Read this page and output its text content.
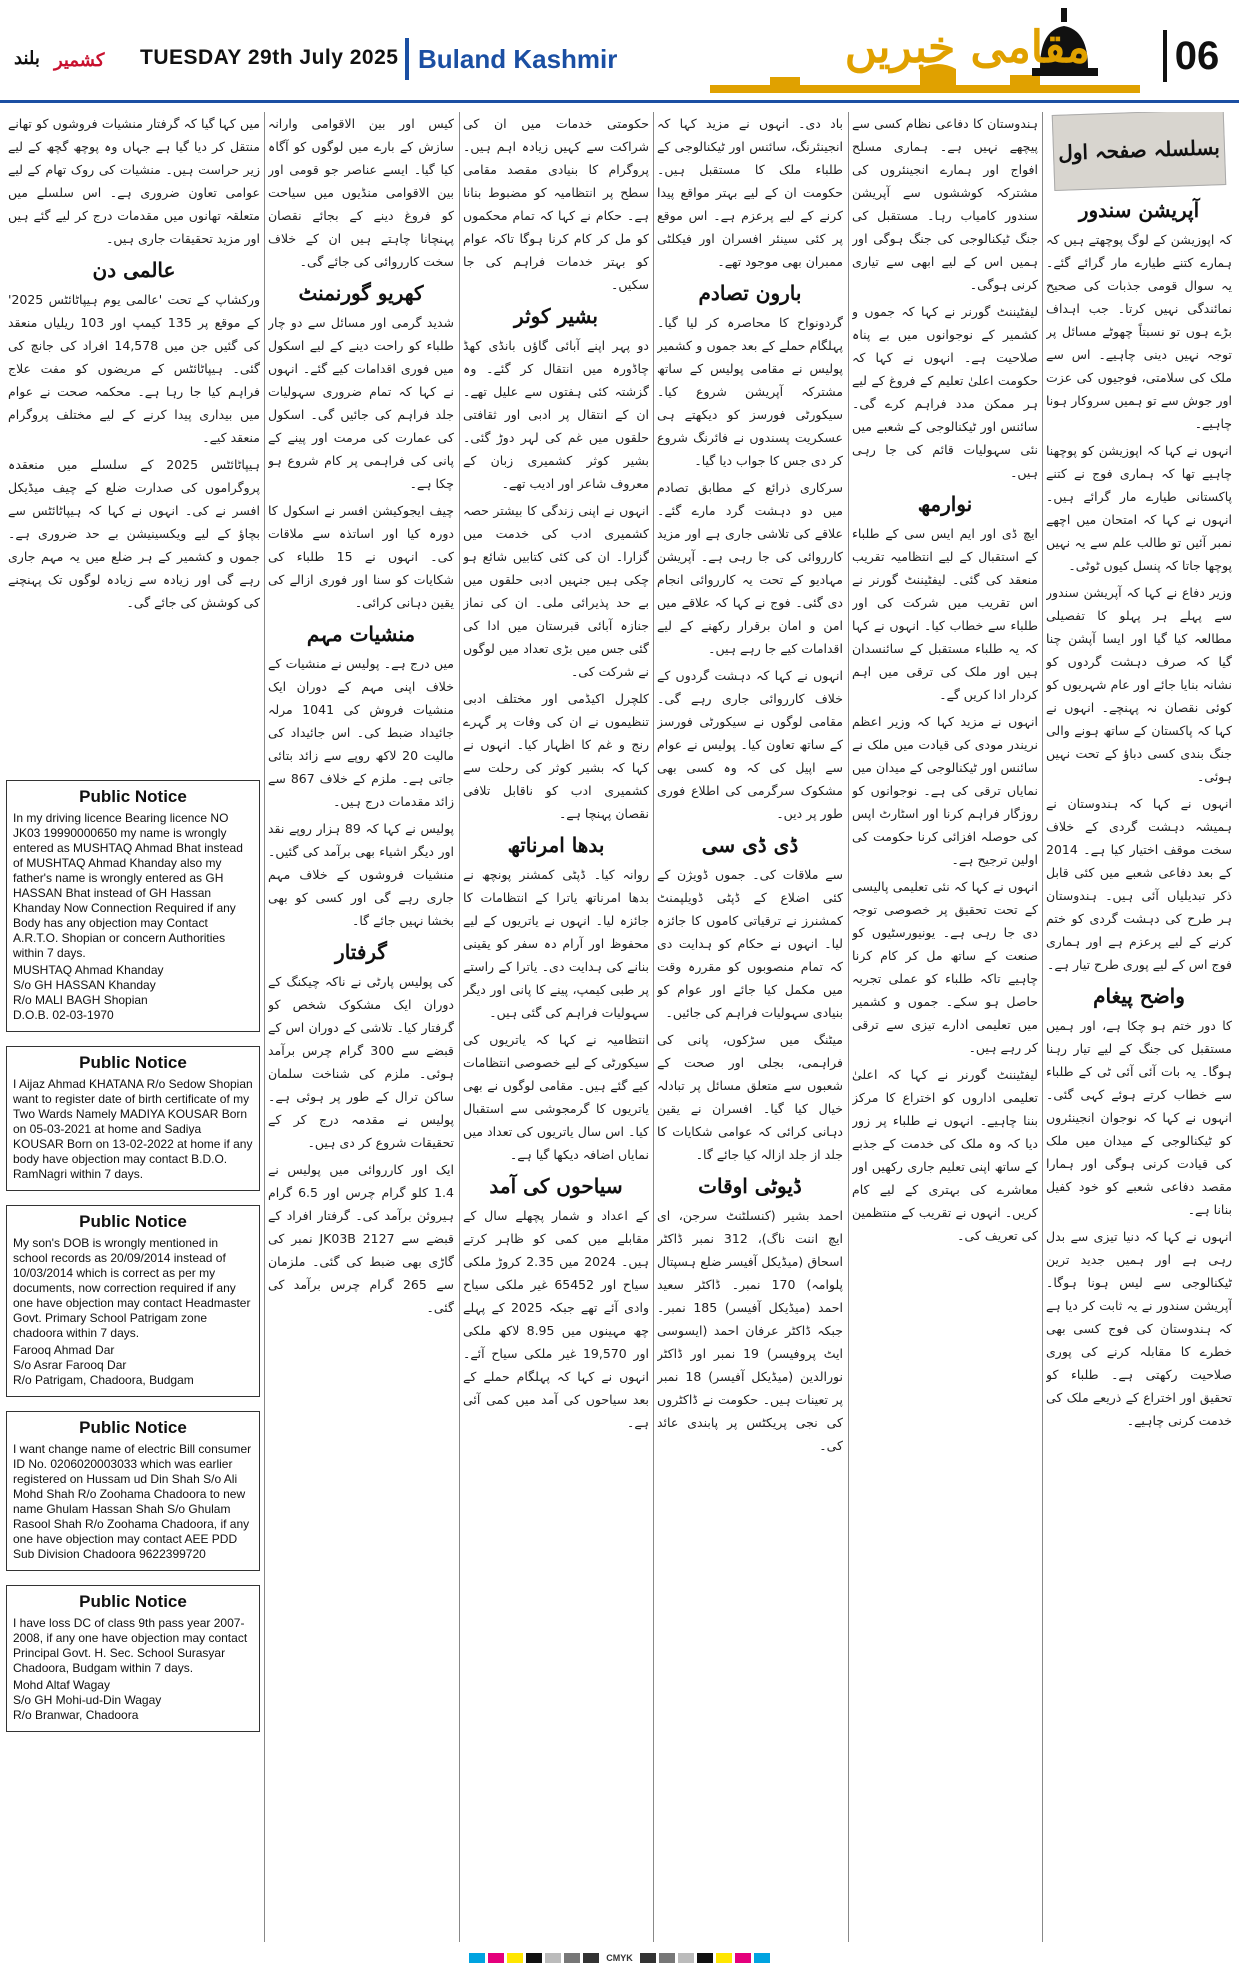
بلند کشمیر TUESDAY 29th July 2025 Buland Kashmir	مقامی خبریں 06
بسلسلہ صفحہ اول
آپریشن سندور

کہ اپوزیشن کے لوگ پوچھتے ہیں کہ ہمارے کتنے طیارے مار گرائے گئے۔ یہ سوال قومی جذبات کی صحیح نمائندگی نہیں کرتا۔ جب اہداف بڑے ہوں تو نسبتاً چھوٹے مسائل پر توجہ نہیں دینی چاہیے۔ اس سے ملک کی سلامتی، فوجیوں کی عزت اور جوش سے تو ہمیں سروکار ہونا چاہیے۔

انہوں نے کہا کہ اپوزیشن کو پوچھنا چاہیے تھا کہ ہماری فوج نے کتنے پاکستانی طیارے مار گرائے ہیں۔ انہوں نے کہا کہ امتحان میں اچھے نمبر آئیں تو طالب علم سے یہ نہیں پوچھا جاتا کہ پنسل کیوں ٹوٹی۔

وزیر دفاع نے کہا کہ آپریشن سندور سے پہلے ہر پہلو کا تفصیلی مطالعہ کیا گیا اور ایسا آپشن چنا گیا کہ صرف دہشت گردوں کو نشانہ بنایا جائے اور عام شہریوں کو کوئی نقصان نہ پہنچے۔ انہوں نے کہا کہ پاکستان کے ساتھ ہونے والی جنگ بندی کسی دباؤ کے تحت نہیں ہوئی۔

انہوں نے کہا کہ ہندوستان نے ہمیشہ دہشت گردی کے خلاف سخت موقف اختیار کیا ہے۔ 2014 کے بعد دفاعی شعبے میں کئی قابل ذکر تبدیلیاں آئی ہیں۔ ہندوستان ہر طرح کی دہشت گردی کو ختم کرنے کے لیے پرعزم ہے اور ہماری فوج اس کے لیے پوری طرح تیار ہے۔

واضح پیغام

کا دور ختم ہو چکا ہے، اور ہمیں مستقبل کی جنگ کے لیے تیار رہنا ہوگا۔ یہ بات آئی آئی ٹی کے طلباء سے خطاب کرتے ہوئے کہی گئی۔ انہوں نے کہا کہ نوجوان انجینئروں کو ٹیکنالوجی کے میدان میں ملک کی قیادت کرنی ہوگی اور ہمارا مقصد دفاعی شعبے کو خود کفیل بنانا ہے۔

انہوں نے کہا کہ دنیا تیزی سے بدل رہی ہے اور ہمیں جدید ترین ٹیکنالوجی سے لیس ہونا ہوگا۔ آپریشن سندور نے یہ ثابت کر دیا ہے کہ ہندوستان کی فوج کسی بھی خطرے کا مقابلہ کرنے کی پوری صلاحیت رکھتی ہے۔ طلباء کو تحقیق اور اختراع کے ذریعے ملک کی خدمت کرنی چاہیے۔

ہندوستان کا دفاعی نظام کسی سے پیچھے نہیں ہے۔ ہماری مسلح افواج اور ہمارے انجینئروں کی مشترکہ کوششوں سے آپریشن سندور کامیاب رہا۔ مستقبل کی جنگ ٹیکنالوجی کی جنگ ہوگی اور ہمیں اس کے لیے ابھی سے تیاری کرنی ہوگی۔

لیفٹیننٹ گورنر نے کہا کہ جموں و کشمیر کے نوجوانوں میں بے پناہ صلاحیت ہے۔ انہوں نے کہا کہ حکومت اعلیٰ تعلیم کے فروغ کے لیے ہر ممکن مدد فراہم کرے گی۔ سائنس اور ٹیکنالوجی کے شعبے میں نئی سہولیات قائم کی جا رہی ہیں۔

نوارمھ

ایچ ڈی اور ایم ایس سی کے طلباء کے استقبال کے لیے انتظامیہ تقریب منعقد کی گئی۔ لیفٹیننٹ گورنر نے اس تقریب میں شرکت کی اور طلباء سے خطاب کیا۔ انہوں نے کہا کہ یہ طلباء مستقبل کے سائنسدان ہیں اور ملک کی ترقی میں اہم کردار ادا کریں گے۔

انہوں نے مزید کہا کہ وزیر اعظم نریندر مودی کی قیادت میں ملک نے سائنس اور ٹیکنالوجی کے میدان میں نمایاں ترقی کی ہے۔ نوجوانوں کو روزگار فراہم کرنا اور اسٹارٹ اپس کی حوصلہ افزائی کرنا حکومت کی اولین ترجیح ہے۔

انہوں نے کہا کہ نئی تعلیمی پالیسی کے تحت تحقیق پر خصوصی توجہ دی جا رہی ہے۔ یونیورسٹیوں کو صنعت کے ساتھ مل کر کام کرنا چاہیے تاکہ طلباء کو عملی تجربہ حاصل ہو سکے۔ جموں و کشمیر میں تعلیمی ادارے تیزی سے ترقی کر رہے ہیں۔

لیفٹیننٹ گورنر نے کہا کہ اعلیٰ تعلیمی اداروں کو اختراع کا مرکز بننا چاہیے۔ انہوں نے طلباء پر زور دیا کہ وہ ملک کی خدمت کے جذبے کے ساتھ اپنی تعلیم جاری رکھیں اور معاشرے کی بہتری کے لیے کام کریں۔ انہوں نے تقریب کے منتظمین کی تعریف کی۔

باد دی۔ انہوں نے مزید کہا کہ انجینئرنگ، سائنس اور ٹیکنالوجی کے طلباء ملک کا مستقبل ہیں۔ حکومت ان کے لیے بہتر مواقع پیدا کرنے کے لیے پرعزم ہے۔ اس موقع پر کئی سینئر افسران اور فیکلٹی ممبران بھی موجود تھے۔

بارون تصادم

گردونواح کا محاصرہ کر لیا گیا۔ پہلگام حملے کے بعد جموں و کشمیر پولیس نے مقامی پولیس کے ساتھ مشترکہ آپریشن شروع کیا۔ سیکورٹی فورسز کو دیکھتے ہی عسکریت پسندوں نے فائرنگ شروع کر دی جس کا جواب دیا گیا۔

سرکاری ذرائع کے مطابق تصادم میں دو دہشت گرد مارے گئے۔ علاقے کی تلاشی جاری ہے اور مزید کارروائی کی جا رہی ہے۔ آپریشن مہادیو کے تحت یہ کارروائی انجام دی گئی۔ فوج نے کہا کہ علاقے میں امن و امان برقرار رکھنے کے لیے اقدامات کیے جا رہے ہیں۔

انہوں نے کہا کہ دہشت گردوں کے خلاف کارروائی جاری رہے گی۔ مقامی لوگوں نے سیکورٹی فورسز کے ساتھ تعاون کیا۔ پولیس نے عوام سے اپیل کی کہ وہ کسی بھی مشکوک سرگرمی کی اطلاع فوری طور پر دیں۔

ڈی ڈی سی

سے ملاقات کی۔ جموں ڈویژن کے کئی اضلاع کے ڈپٹی ڈویلپمنٹ کمشنرز نے ترقیاتی کاموں کا جائزہ لیا۔ انہوں نے حکام کو ہدایت دی کہ تمام منصوبوں کو مقررہ وقت میں مکمل کیا جائے اور عوام کو بنیادی سہولیات فراہم کی جائیں۔

میٹنگ میں سڑکوں، پانی کی فراہمی، بجلی اور صحت کے شعبوں سے متعلق مسائل پر تبادلہ خیال کیا گیا۔ افسران نے یقین دہانی کرائی کہ عوامی شکایات کا جلد از جلد ازالہ کیا جائے گا۔

ڈیوٹی اوقات

احمد بشیر (کنسلٹنٹ سرجن، ای ایچ اننت ناگ)، 312 نمبر ڈاکٹر اسحاق (میڈیکل آفیسر ضلع ہسپتال پلوامہ) 170 نمبر۔ ڈاکٹر سعید احمد (میڈیکل آفیسر) 185 نمبر۔ جبکہ ڈاکٹر عرفان احمد (ایسوسی ایٹ پروفیسر) 19 نمبر اور ڈاکٹر نورالدین (میڈیکل آفیسر) 18 نمبر پر تعینات ہیں۔ حکومت نے ڈاکٹروں کی نجی پریکٹس پر پابندی عائد کی۔

حکومتی خدمات میں ان کی شراکت سے کہیں زیادہ اہم ہیں۔ پروگرام کا بنیادی مقصد مقامی سطح پر انتظامیہ کو مضبوط بنانا ہے۔ حکام نے کہا کہ تمام محکموں کو مل کر کام کرنا ہوگا تاکہ عوام کو بہتر خدمات فراہم کی جا سکیں۔

بشیر کوثر

دو پہر اپنے آبائی گاؤں بانڈی کھڈ چاڈورہ میں انتقال کر گئے۔ وہ گزشتہ کئی ہفتوں سے علیل تھے۔ ان کے انتقال پر ادبی اور ثقافتی حلقوں میں غم کی لہر دوڑ گئی۔ بشیر کوثر کشمیری زبان کے معروف شاعر اور ادیب تھے۔

انہوں نے اپنی زندگی کا بیشتر حصہ کشمیری ادب کی خدمت میں گزارا۔ ان کی کئی کتابیں شائع ہو چکی ہیں جنہیں ادبی حلقوں میں بے حد پذیرائی ملی۔ ان کی نماز جنازہ آبائی قبرستان میں ادا کی گئی جس میں بڑی تعداد میں لوگوں نے شرکت کی۔

کلچرل اکیڈمی اور مختلف ادبی تنظیموں نے ان کی وفات پر گہرے رنج و غم کا اظہار کیا۔ انہوں نے کہا کہ بشیر کوثر کی رحلت سے کشمیری ادب کو ناقابل تلافی نقصان پہنچا ہے۔

بدھا امرناتھ

روانہ کیا۔ ڈپٹی کمشنر پونچھ نے بدھا امرناتھ یاترا کے انتظامات کا جائزہ لیا۔ انہوں نے یاتریوں کے لیے محفوظ اور آرام دہ سفر کو یقینی بنانے کی ہدایت دی۔ یاترا کے راستے پر طبی کیمپ، پینے کا پانی اور دیگر سہولیات فراہم کی گئی ہیں۔

انتظامیہ نے کہا کہ یاتریوں کی سیکورٹی کے لیے خصوصی انتظامات کیے گئے ہیں۔ مقامی لوگوں نے بھی یاتریوں کا گرمجوشی سے استقبال کیا۔ اس سال یاتریوں کی تعداد میں نمایاں اضافہ دیکھا گیا ہے۔

سیاحوں کی آمد

کے اعداد و شمار پچھلے سال کے مقابلے میں کمی کو ظاہر کرتے ہیں۔ 2024 میں 2.35 کروڑ ملکی سیاح اور 65452 غیر ملکی سیاح وادی آئے تھے جبکہ 2025 کے پہلے چھ مہینوں میں 8.95 لاکھ ملکی اور 19,570 غیر ملکی سیاح آئے۔ انہوں نے کہا کہ پہلگام حملے کے بعد سیاحوں کی آمد میں کمی آئی ہے۔

کیس اور بین الاقوامی وارانہ سازش کے بارے میں لوگوں کو آگاہ کیا گیا۔ ایسے عناصر جو قومی اور بین الاقوامی منڈیوں میں سیاحت کو فروغ دینے کے بجائے نقصان پہنچانا چاہتے ہیں ان کے خلاف سخت کارروائی کی جائے گی۔

کھریو گورنمنٹ

شدید گرمی اور مسائل سے دو چار طلباء کو راحت دینے کے لیے اسکول میں فوری اقدامات کیے گئے۔ انہوں نے کہا کہ تمام ضروری سہولیات جلد فراہم کی جائیں گی۔ اسکول کی عمارت کی مرمت اور پینے کے پانی کی فراہمی پر کام شروع ہو چکا ہے۔

چیف ایجوکیشن افسر نے اسکول کا دورہ کیا اور اساتذہ سے ملاقات کی۔ انہوں نے 15 طلباء کی شکایات کو سنا اور فوری ازالے کی یقین دہانی کرائی۔

منشیات مہم

میں درج ہے۔ پولیس نے منشیات کے خلاف اپنی مہم کے دوران ایک منشیات فروش کی 1041 مرلہ جائیداد ضبط کی۔ اس جائیداد کی مالیت 20 لاکھ روپے سے زائد بتائی جاتی ہے۔ ملزم کے خلاف 867 سے زائد مقدمات درج ہیں۔

پولیس نے کہا کہ 89 ہزار روپے نقد اور دیگر اشیاء بھی برآمد کی گئیں۔ منشیات فروشوں کے خلاف مہم جاری رہے گی اور کسی کو بھی بخشا نہیں جائے گا۔

گرفتار

کی پولیس پارٹی نے ناکہ چیکنگ کے دوران ایک مشکوک شخص کو گرفتار کیا۔ تلاشی کے دوران اس کے قبضے سے 300 گرام چرس برآمد ہوئی۔ ملزم کی شناخت سلمان ساکن ترال کے طور پر ہوئی ہے۔ پولیس نے مقدمہ درج کر کے تحقیقات شروع کر دی ہیں۔

ایک اور کارروائی میں پولیس نے 1.4 کلو گرام چرس اور 6.5 گرام ہیروئن برآمد کی۔ گرفتار افراد کے قبضے سے 2127 JK03B نمبر کی گاڑی بھی ضبط کی گئی۔ ملزمان سے 265 گرام چرس برآمد کی گئی۔

میں کہا گیا کہ گرفتار منشیات فروشوں کو تھانے منتقل کر دیا گیا ہے جہاں وہ پوچھ گچھ کے لیے زیر حراست ہیں۔ منشیات کی روک تھام کے لیے عوامی تعاون ضروری ہے۔ اس سلسلے میں متعلقہ تھانوں میں مقدمات درج کر لیے گئے ہیں اور مزید تحقیقات جاری ہیں۔

عالمی دن

ورکشاپ کے تحت 'عالمی یوم ہیپاٹائٹس 2025' کے موقع پر 135 کیمپ اور 103 ریلیاں منعقد کی گئیں جن میں 14,578 افراد کی جانچ کی گئی۔ ہیپاٹائٹس کے مریضوں کو مفت علاج فراہم کیا جا رہا ہے۔ محکمہ صحت نے عوام میں بیداری پیدا کرنے کے لیے مختلف پروگرام منعقد کیے۔

ہیپاٹائٹس 2025 کے سلسلے میں منعقدہ پروگراموں کی صدارت ضلع کے چیف میڈیکل افسر نے کی۔ انہوں نے کہا کہ ہیپاٹائٹس سے بچاؤ کے لیے ویکسینیشن بے حد ضروری ہے۔ جموں و کشمیر کے ہر ضلع میں یہ مہم جاری رہے گی اور زیادہ سے زیادہ لوگوں تک پہنچنے کی کوشش کی جائے گی۔

Public Notice

In my driving licence Bearing licence NO JK03 19990000650 my name is wrongly entered as MUSHTAQ Ahmad Bhat instead of MUSHTAQ Ahmad Khanday also my father's name is wrongly entered as GH HASSAN Bhat instead of GH Hassan Khanday Now Connection Required if any Body has any objection may Contact A.R.T.O. Shopian or concern Authorities within 7 days.

MUSHTAQ Ahmad Khanday
S/o GH HASSAN Khanday
R/o MALI BAGH Shopian
D.O.B. 02-03-1970

Public Notice

I Aijaz Ahmad KHATANA R/o Sedow Shopian want to register date of birth certificate of my Two Wards Namely MADIYA KOUSAR Born on 05-03-2021 at home and Sadiya KOUSAR Born on 13-02-2022 at home if any body have objection may contact B.D.O. RamNagri within 7 days.

Public Notice

My son's DOB is wrongly mentioned in school records as 20/09/2014 instead of 10/03/2014 which is correct as per my documents, now correction required if any one have objection may contact Headmaster Govt. Primary School Patrigam zone chadoora within 7 days.

Farooq Ahmad Dar
S/o Asrar Farooq Dar
R/o Patrigam, Chadoora, Budgam

Public Notice

I want change name of electric Bill consumer ID No. 0206020003033 which was earlier registered on Hussam ud Din Shah S/o Ali Mohd Shah R/o Zoohama Chadoora to new name Ghulam Hassan Shah S/o Ghulam Rasool Shah R/o Zoohama Chadoora, if any one have objection may contact AEE PDD Sub Division Chadoora 9622399720

Public Notice

I have loss DC of class 9th pass year 2007-2008, if any one have objection may contact Principal Govt. H. Sec. School Surasyar Chadoora, Budgam within 7 days.

Mohd Altaf Wagay
S/o GH Mohi-ud-Din Wagay
R/o Branwar, Chadoora

CMYK
